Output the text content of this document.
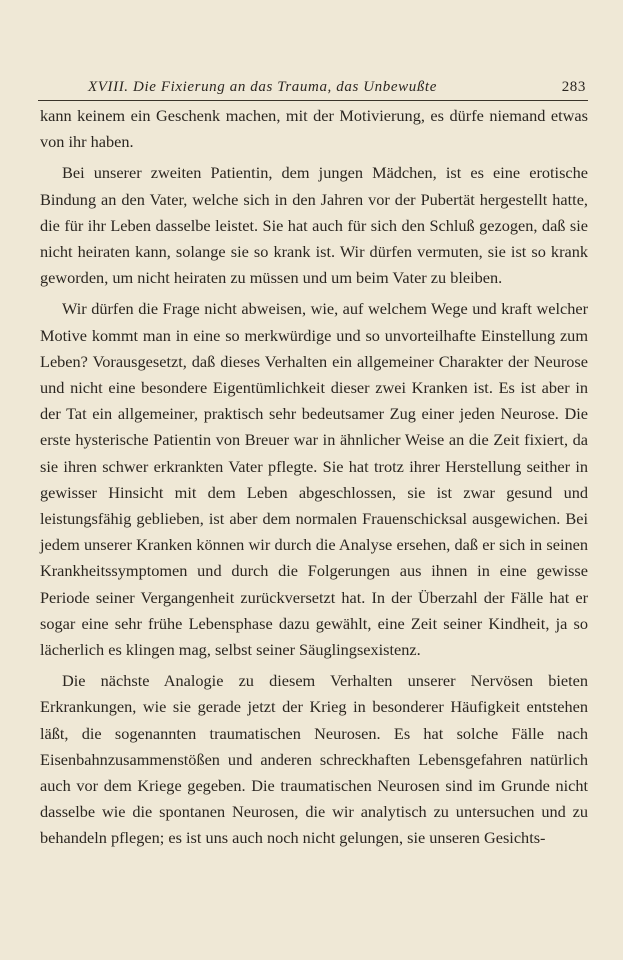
XVIII. Die Fixierung an das Trauma, das Unbewußte	283

kann keinem ein Geschenk machen, mit der Motivierung, es dürfe niemand etwas von ihr haben.

Bei unserer zweiten Patientin, dem jungen Mädchen, ist es eine erotische Bindung an den Vater, welche sich in den Jahren vor der Pubertät hergestellt hatte, die für ihr Leben dasselbe leistet. Sie hat auch für sich den Schluß gezogen, daß sie nicht heiraten kann, solange sie so krank ist. Wir dürfen vermuten, sie ist so krank geworden, um nicht heiraten zu müssen und um beim Vater zu bleiben.

Wir dürfen die Frage nicht abweisen, wie, auf welchem Wege und kraft welcher Motive kommt man in eine so merkwürdige und so unvorteilhafte Einstellung zum Leben? Vorausgesetzt, daß dieses Verhalten ein allgemeiner Charakter der Neurose und nicht eine besondere Eigentümlichkeit dieser zwei Kranken ist. Es ist aber in der Tat ein allgemeiner, praktisch sehr bedeutsamer Zug einer jeden Neurose. Die erste hysterische Patientin von Breuer war in ähnlicher Weise an die Zeit fixiert, da sie ihren schwer erkrankten Vater pflegte. Sie hat trotz ihrer Herstellung seither in gewisser Hinsicht mit dem Leben abgeschlossen, sie ist zwar gesund und leistungsfähig geblieben, ist aber dem normalen Frauenschicksal ausgewichen. Bei jedem unserer Kranken können wir durch die Analyse ersehen, daß er sich in seinen Krankheitssymptomen und durch die Folgerungen aus ihnen in eine gewisse Periode seiner Vergangenheit zurückversetzt hat. In der Überzahl der Fälle hat er sogar eine sehr frühe Lebensphase dazu gewählt, eine Zeit seiner Kindheit, ja so lächerlich es klingen mag, selbst seiner Säuglingsexistenz.

Die nächste Analogie zu diesem Verhalten unserer Nervösen bieten Erkrankungen, wie sie gerade jetzt der Krieg in besonderer Häufigkeit entstehen läßt, die sogenannten traumatischen Neurosen. Es hat solche Fälle nach Eisenbahnzusammenstößen und anderen schreckhaften Lebensgefahren natürlich auch vor dem Kriege gegeben. Die traumatischen Neurosen sind im Grunde nicht dasselbe wie die spontanen Neurosen, die wir analytisch zu untersuchen und zu behandeln pflegen; es ist uns auch noch nicht gelungen, sie unseren Gesichts-
